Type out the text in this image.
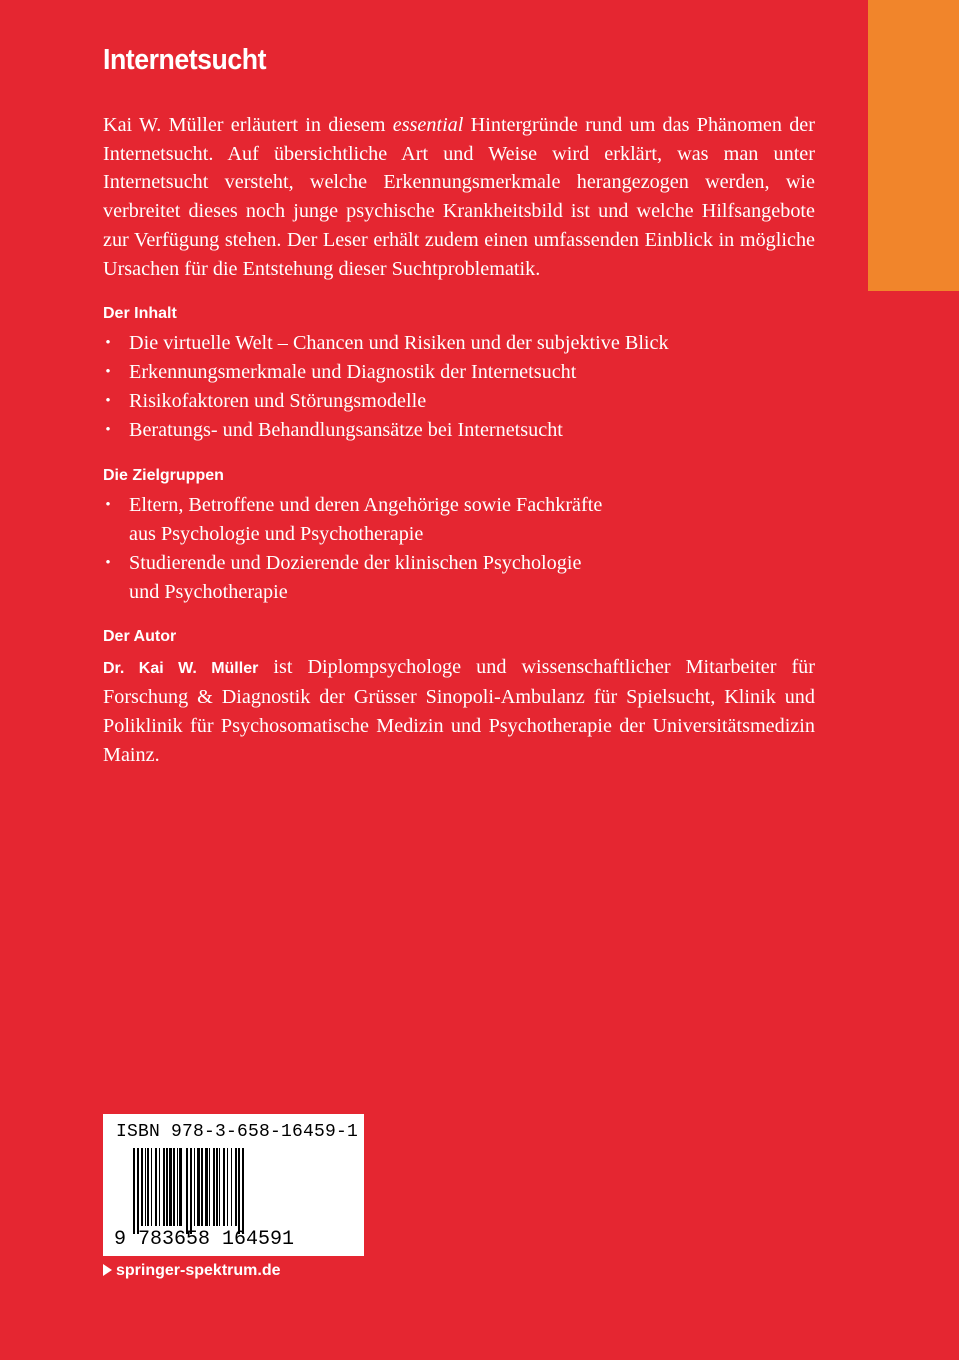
Internetsucht

Kai W. Müller erläutert in diesem essential Hintergründe rund um das Phänomen der Internetsucht. Auf übersichtliche Art und Weise wird erklärt, was man unter Internetsucht versteht, welche Erkennungsmerkmale herangezogen werden, wie verbreitet dieses noch junge psychische Krankheitsbild ist und welche Hilfsangebote zur Verfügung stehen. Der Leser erhält zudem einen umfassenden Einblick in mögliche Ursachen für die Entstehung dieser Suchtproblematik.

Der Inhalt
• Die virtuelle Welt – Chancen und Risiken und der subjektive Blick
• Erkennungsmerkmale und Diagnostik der Internetsucht
• Risikofaktoren und Störungsmodelle
• Beratungs- und Behandlungsansätze bei Internetsucht
Die Zielgruppen
• Eltern, Betroffene und deren Angehörige sowie Fachkräfte
aus Psychologie und Psychotherapie
• Studierende und Dozierende der klinischen Psychologie
und Psychotherapie
Der Autor

Dr. Kai W. Müller ist Diplompsychologe und wissenschaftlicher Mitarbeiter für Forschung & Diagnostik der Grüsser Sinopoli-Ambulanz für Spielsucht, Klinik und Poliklinik für Psychosomatische Medizin und Psychotherapie der Universitätsmedizin Mainz.

ISBN 978-3-658-16459-1
9 783658 164591
springer-spektrum.de
